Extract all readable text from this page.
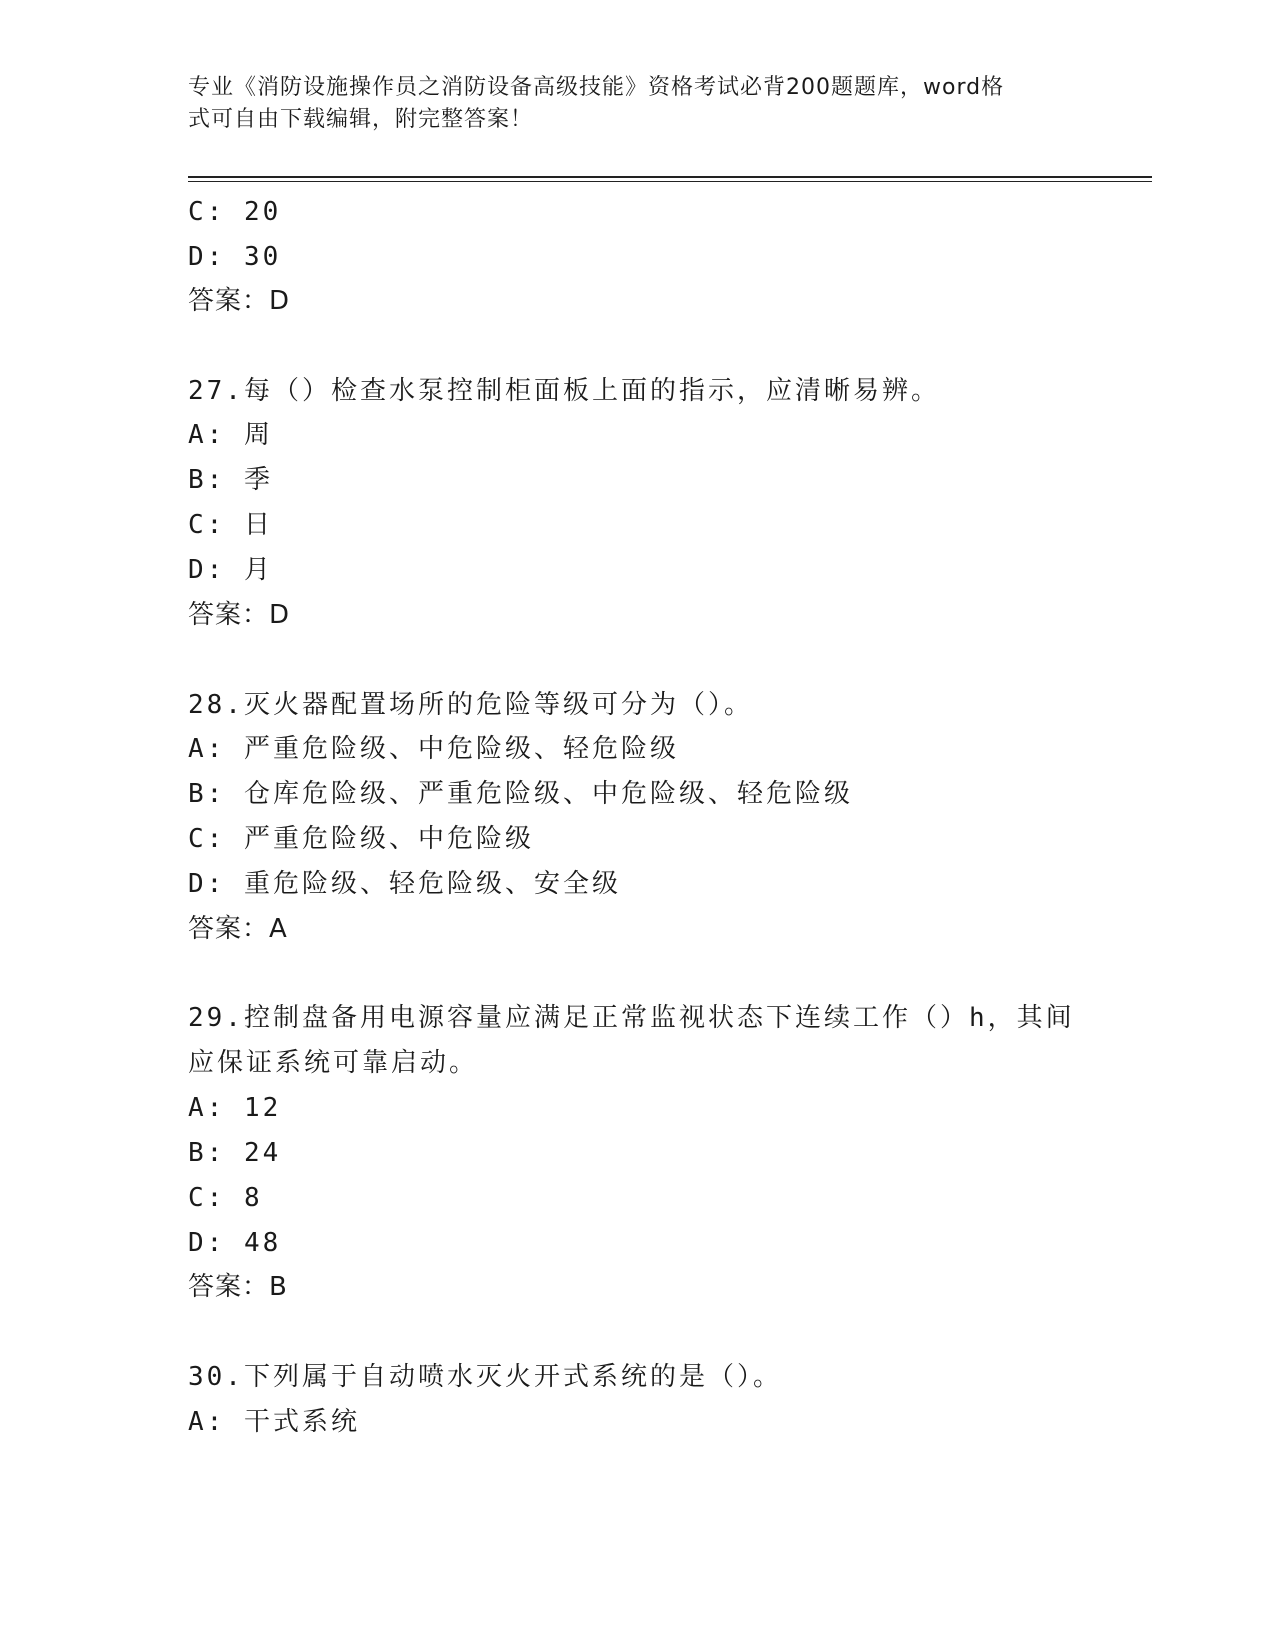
专业《消防设施操作员之消防设备高级技能》资格考试必背200题题库，word格
式可自由下载编辑，附完整答案！
C: 20
D: 30
答案：D
27.每（）检查水泵控制柜面板上面的指示，应清晰易辨。
A: 周
B: 季
C: 日
D: 月
答案：D
28.灭火器配置场所的危险等级可分为（）。
A: 严重危险级、中危险级、轻危险级
B: 仓库危险级、严重危险级、中危险级、轻危险级
C: 严重危险级、中危险级
D: 重危险级、轻危险级、安全级
答案：A
29.控制盘备用电源容量应满足正常监视状态下连续工作（）h，其间
应保证系统可靠启动。
A: 12
B: 24
C: 8
D: 48
答案：B
30.下列属于自动喷水灭火开式系统的是（）。
A: 干式系统
